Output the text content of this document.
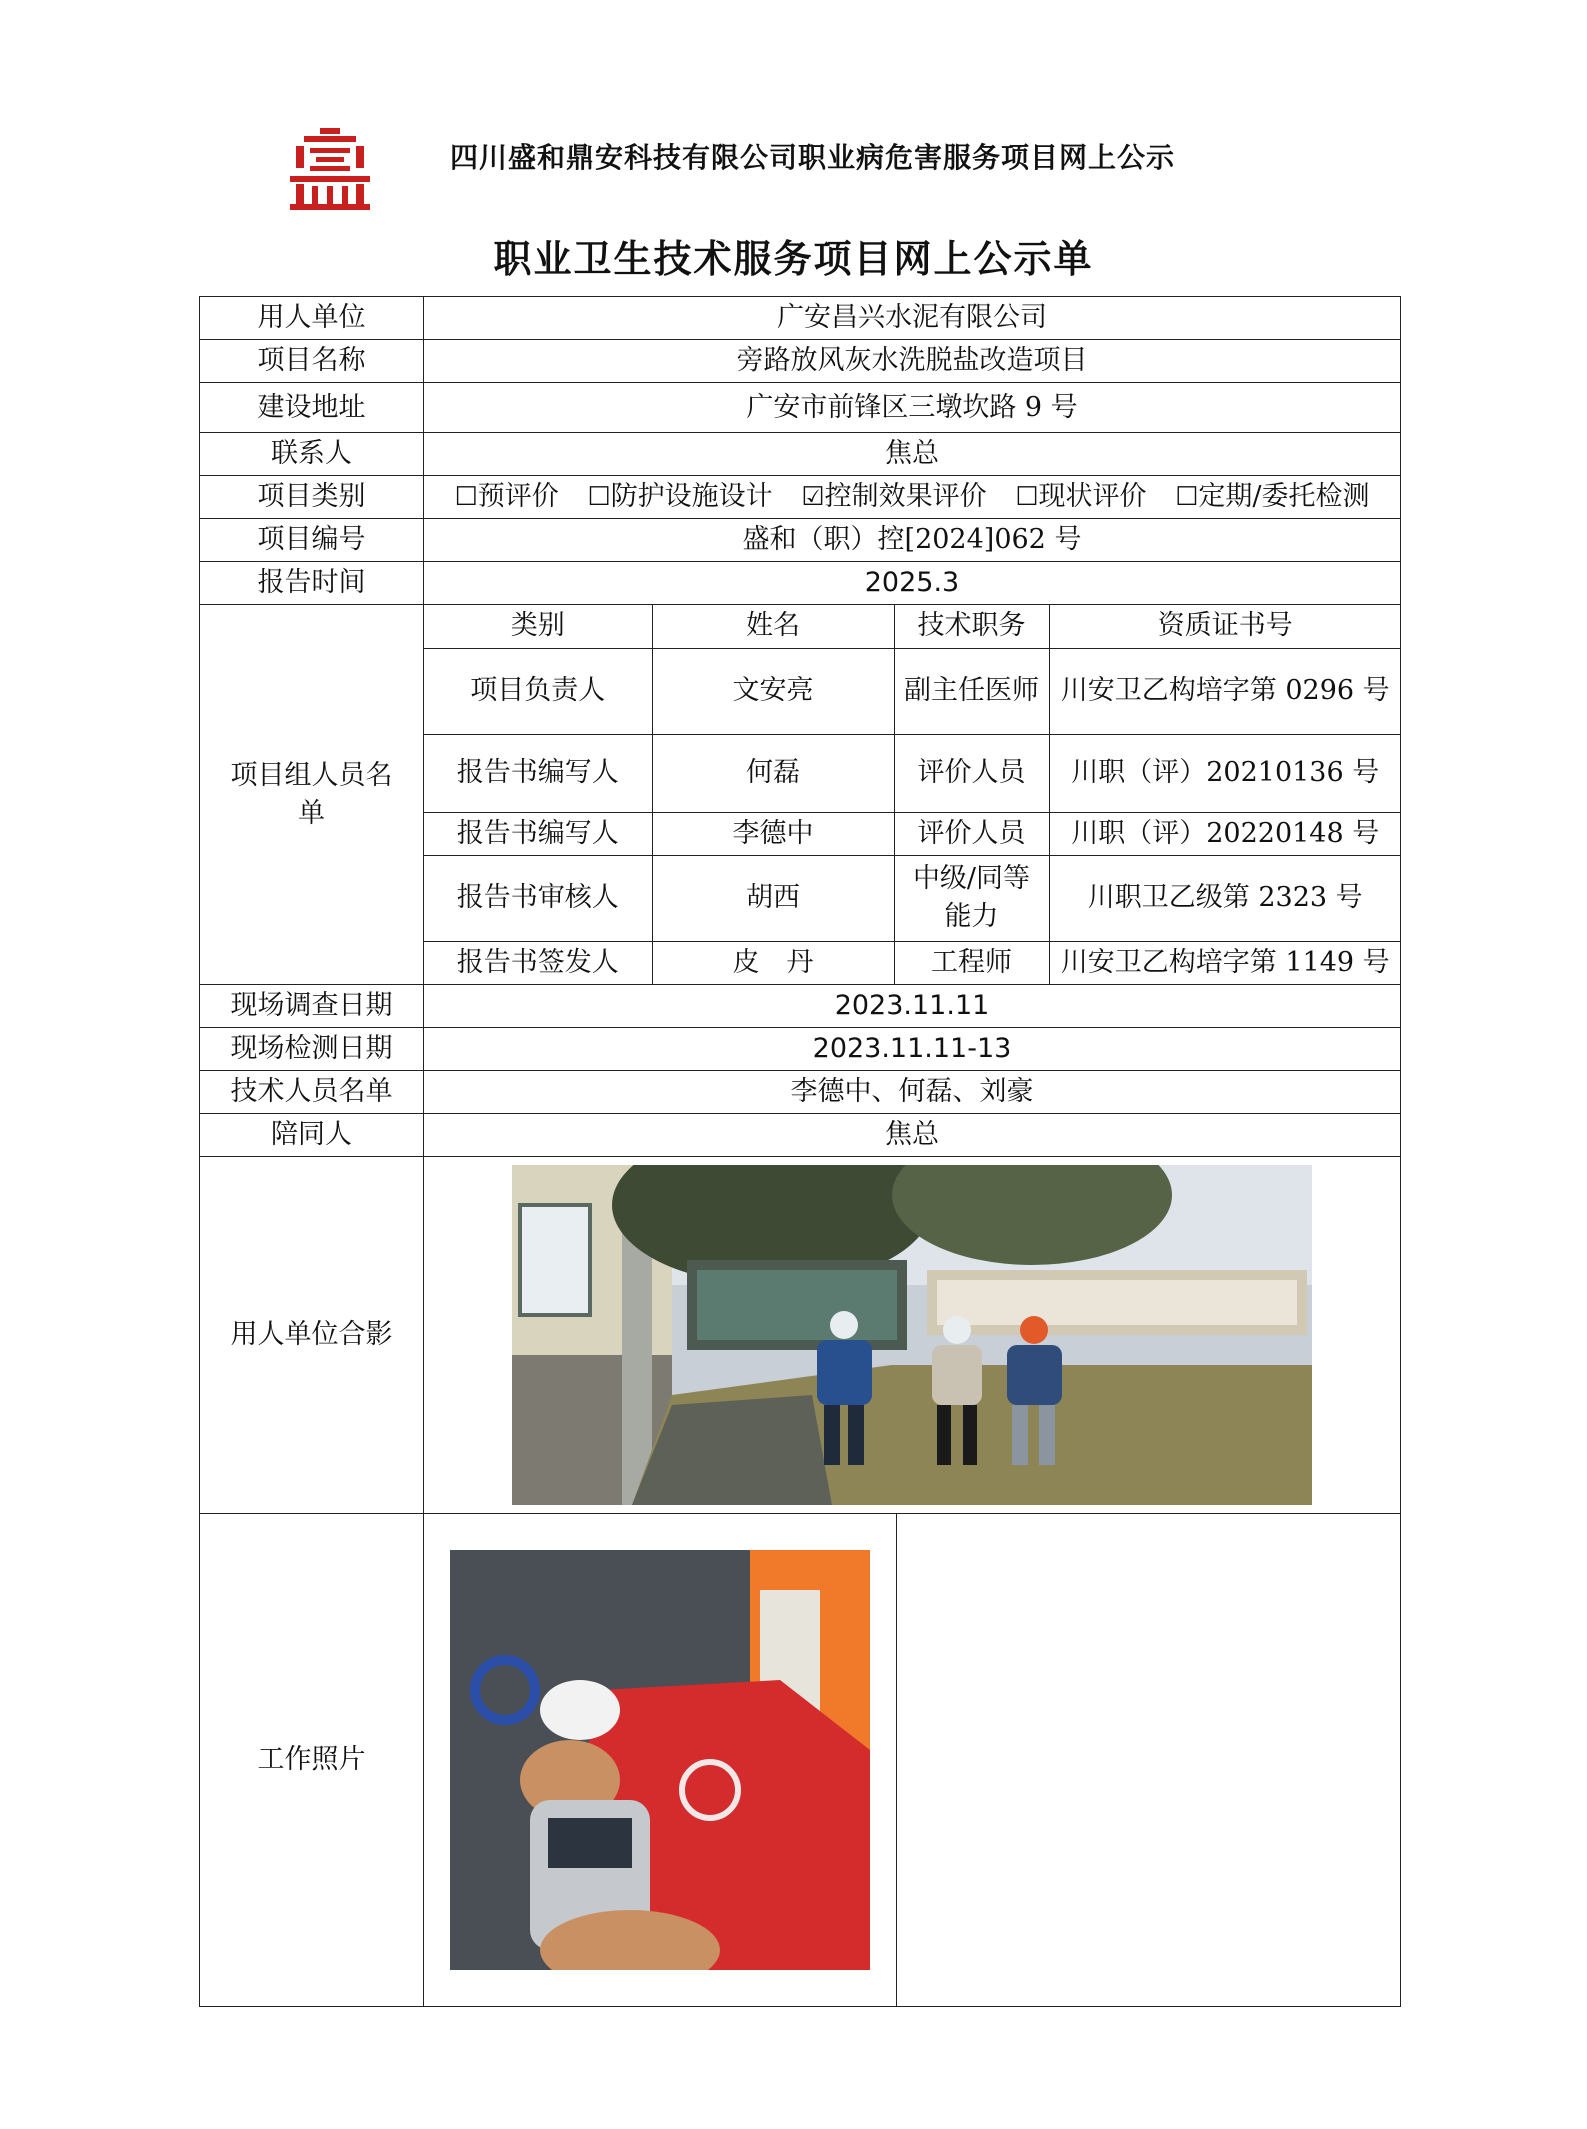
四川盛和鼎安科技有限公司职业病危害服务项目网上公示
职业卫生技术服务项目网上公示单
用人单位	广安昌兴水泥有限公司
项目名称	旁路放风灰水洗脱盐改造项目
建设地址	广安市前锋区三墩坎路 9 号
联系人	焦总
项目类别	☐预评价 ☐防护设施设计 ☑控制效果评价 ☐现状评价 ☐定期/委托检测
项目编号	盛和（职）控[2024]062 号
报告时间	2025.3
项目组人员名单	
类别	姓名	技术职务	资质证书号
项目负责人	文安亮	副主任医师	川安卫乙构培字第 0296 号
报告书编写人	何磊	评价人员	川职（评）20210136 号
报告书编写人	李德中	评价人员	川职（评）20220148 号
报告书审核人	胡西	中级/同等能力	川职卫乙级第 2323 号
报告书签发人	皮　丹	工程师	川安卫乙构培字第 1149 号

现场调查日期	2023.11.11
现场检测日期	2023.11.11-13
技术人员名单	李德中、何磊、刘豪
陪同人	焦总
用人单位合影	

工作照片	
